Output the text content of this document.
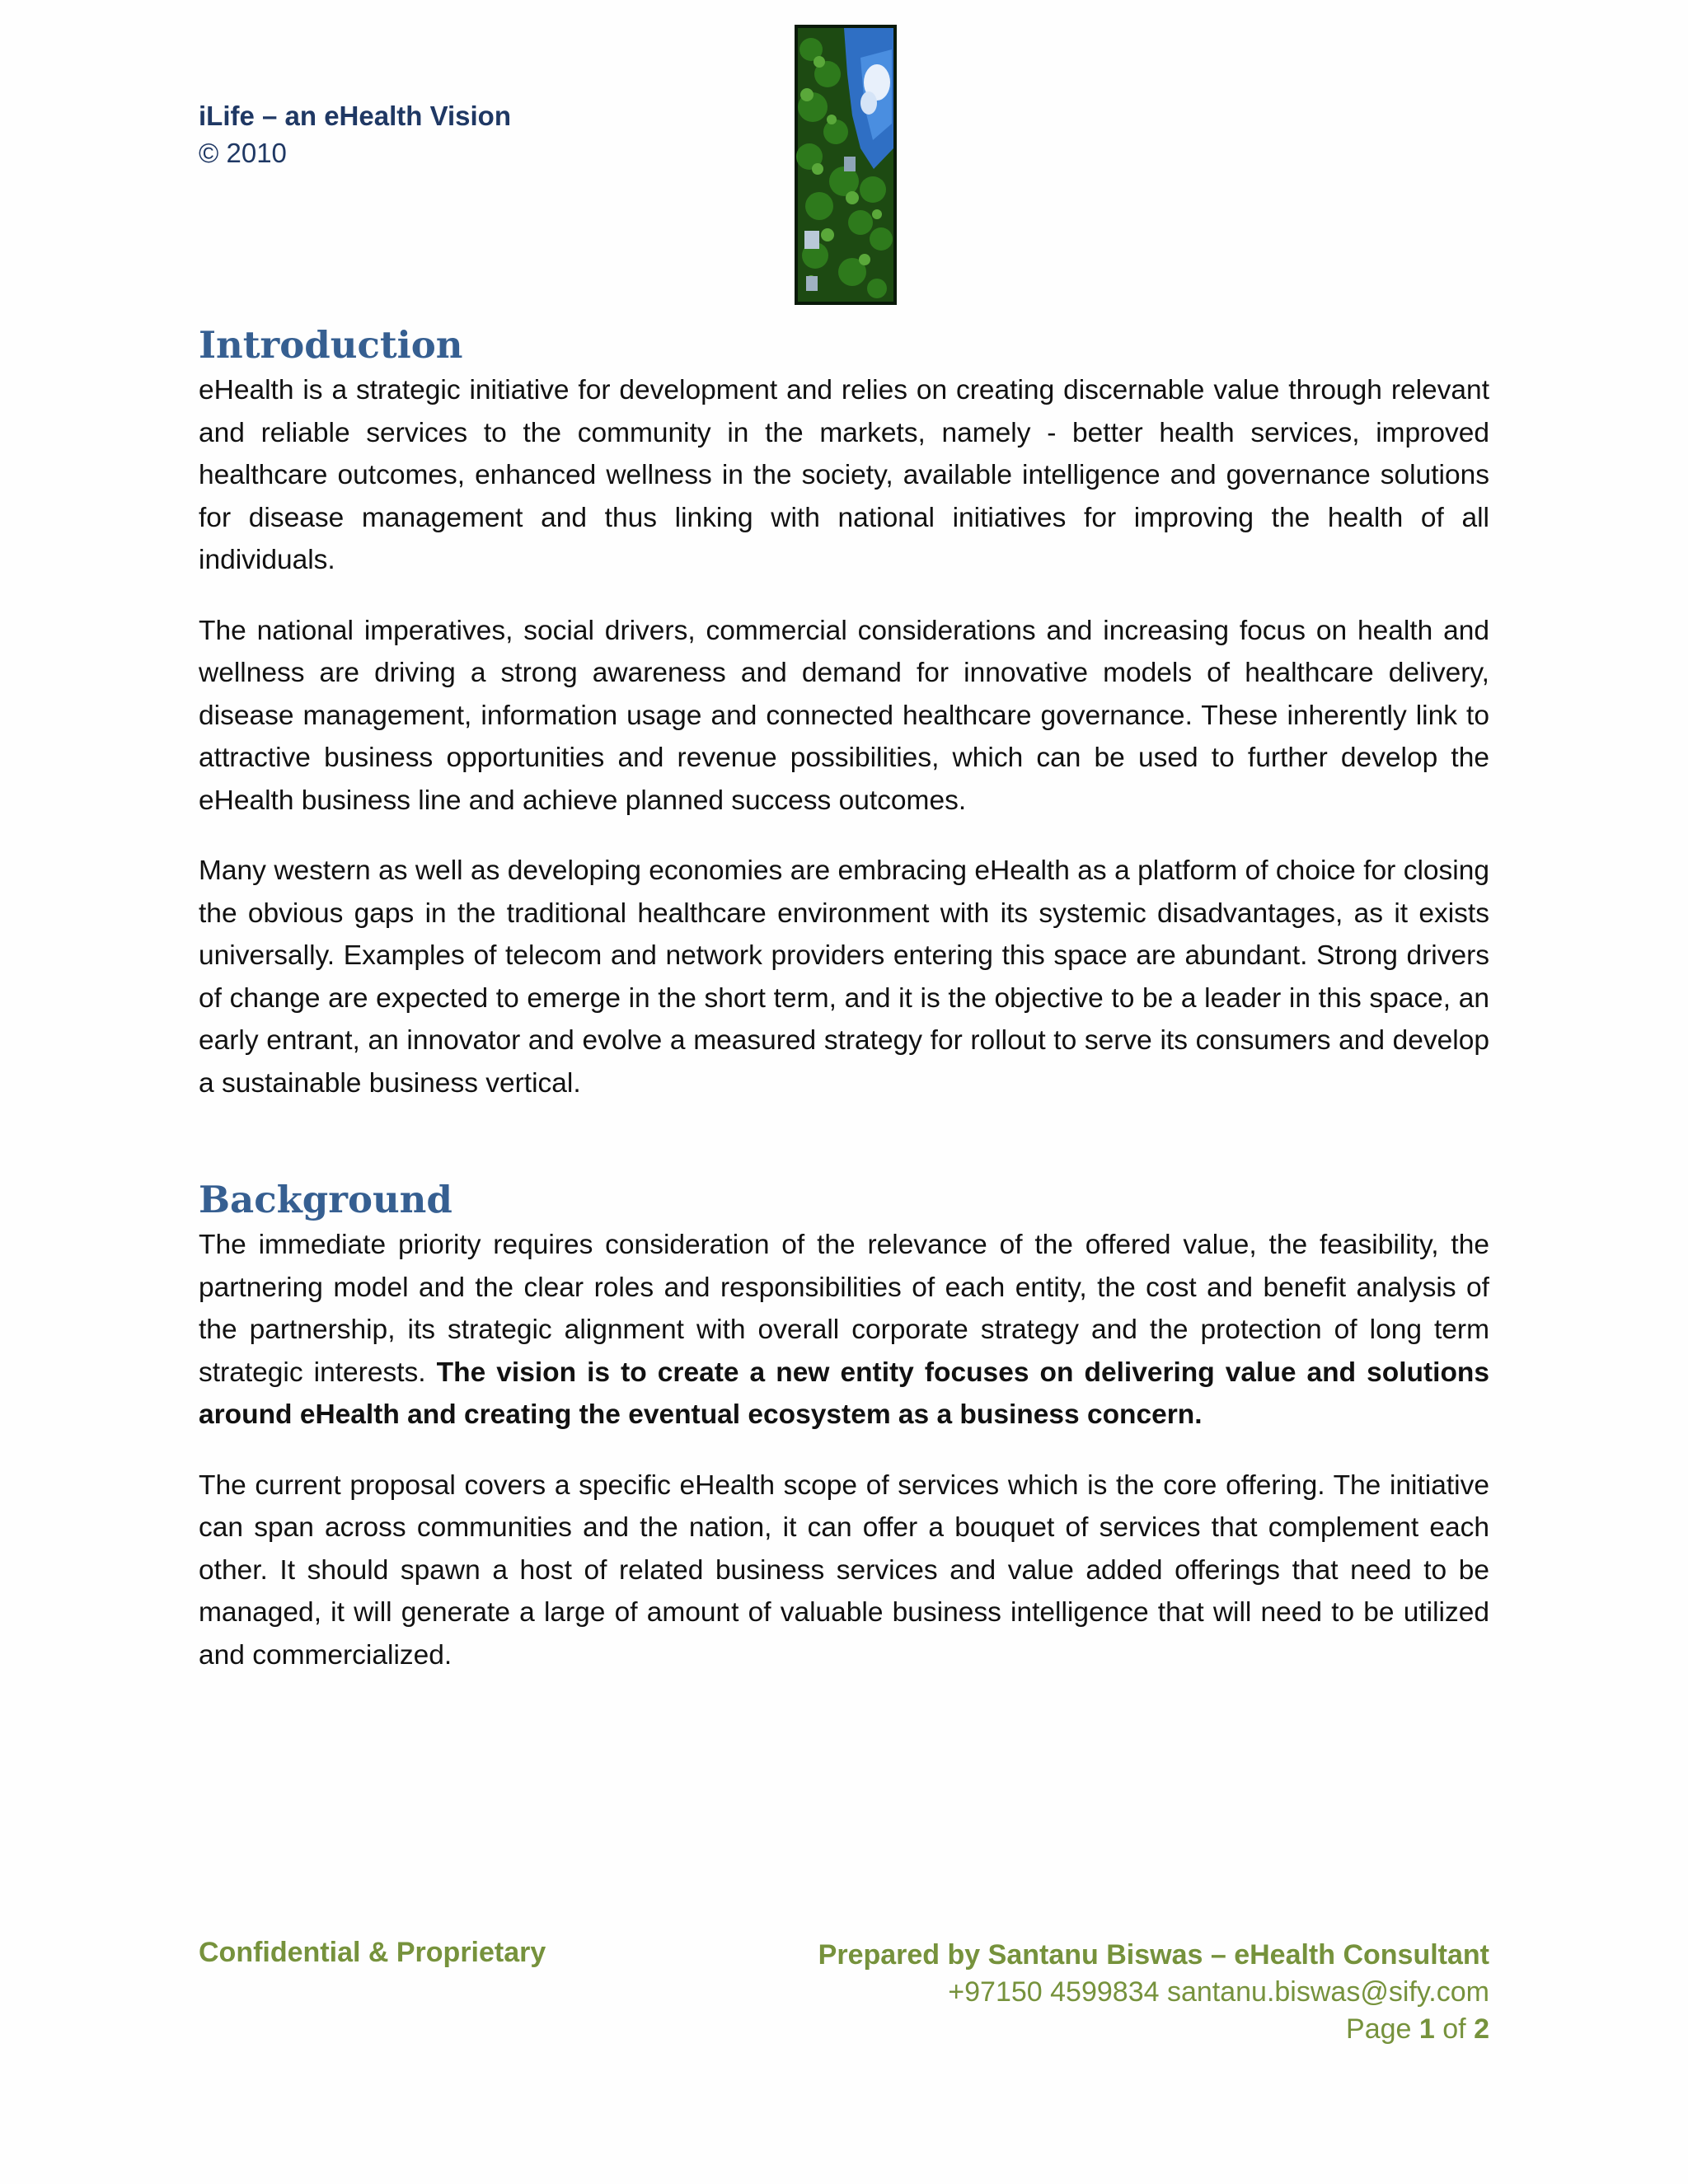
iLife – an eHealth Vision
© 2010
Introduction

eHealth is a strategic initiative for development and relies on creating discernable value through relevant and reliable services to the community in the markets, namely - better health services, improved healthcare outcomes, enhanced wellness in the society, available intelligence and governance solutions for disease management and thus linking with national initiatives for improving the health of all individuals.

The national imperatives, social drivers, commercial considerations and increasing focus on health and wellness are driving a strong awareness and demand for innovative models of healthcare delivery, disease management, information usage and connected healthcare governance. These inherently link to attractive business opportunities and revenue possibilities, which can be used to further develop the eHealth business line and achieve planned success outcomes.

Many western as well as developing economies are embracing eHealth as a platform of choice for closing the obvious gaps in the traditional healthcare environment with its systemic disadvantages, as it exists universally. Examples of telecom and network providers entering this space are abundant. Strong drivers of change are expected to emerge in the short term, and it is the objective to be a leader in this space, an early entrant, an innovator and evolve a measured strategy for rollout to serve its consumers and develop a sustainable business vertical.

Background

The immediate priority requires consideration of the relevance of the offered value, the feasibility, the partnering model and the clear roles and responsibilities of each entity, the cost and benefit analysis of the partnership, its strategic alignment with overall corporate strategy and the protection of long term strategic interests. The vision is to create a new entity focuses on delivering value and solutions around eHealth and creating the eventual ecosystem as a business concern.

The current proposal covers a specific eHealth scope of services which is the core offering. The initiative can span across communities and the nation, it can offer a bouquet of services that complement each other. It should spawn a host of related business services and value added offerings that need to be managed, it will generate a large of amount of valuable business intelligence that will need to be utilized and commercialized.

Confidential & Proprietary	Prepared by Santanu Biswas – eHealth Consultant
+97150 4599834 santanu.biswas@sify.com
Page 1 of 2
